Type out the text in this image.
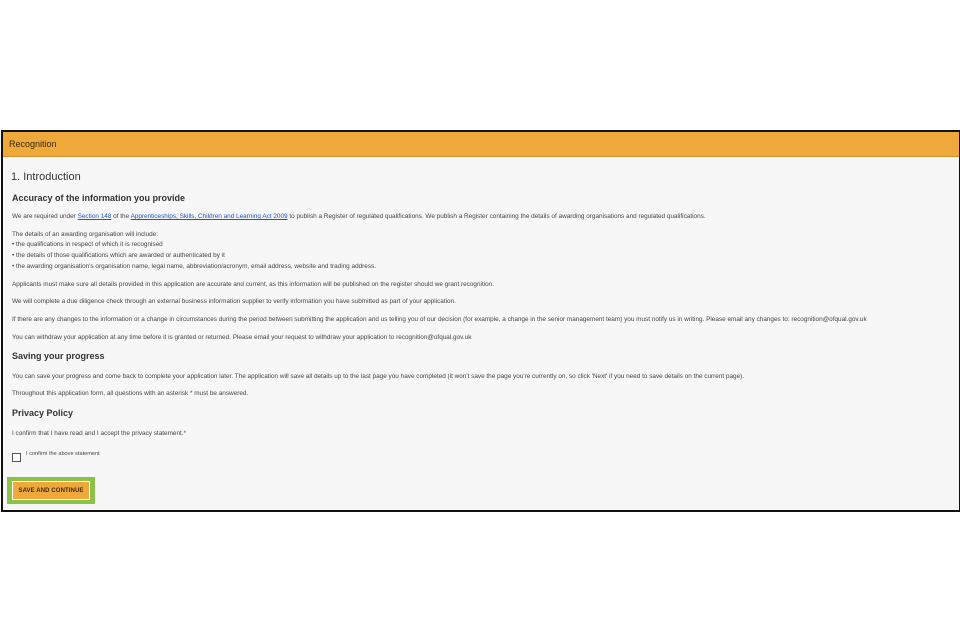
Recognition
1. Introduction
Accuracy of the information you provide
We are required under Section 148 of the Apprenticeships, Skills, Children and Learning Act 2009 to publish a Register of regulated qualifications. We publish a Register containing the details of awarding organisations and regulated qualifications.
The details of an awarding organisation will include:
• the qualifications in respect of which it is recognised
• the details of those qualifications which are awarded or authenticated by it
• the awarding organisation's organisation name, legal name, abbreviation/acronym, email address, website and trading address.
Applicants must make sure all details provided in this application are accurate and current, as this information will be published on the register should we grant recognition.
We will complete a due diligence check through an external business information supplier to verify information you have submitted as part of your application.
If there are any changes to the information or a change in circumstances during the period between submitting the application and us telling you of our decision (for example, a change in the senior management team) you must notify us in writing. Please email any changes to: recognition@ofqual.gov.uk
You can withdraw your application at any time before it is granted or returned. Please email your request to withdraw your application to recognition@ofqual.gov.uk
Saving your progress
You can save your progress and come back to complete your application later. The application will save all details up to the last page you have completed (it won't save the page you're currently on, so click 'Next' if you need to save details on the current page).
Throughout this application form, all questions with an asterisk * must be answered.
Privacy Policy
I confirm that I have read and I accept the privacy statement.*
I confirm the above statement
SAVE AND CONTINUE
